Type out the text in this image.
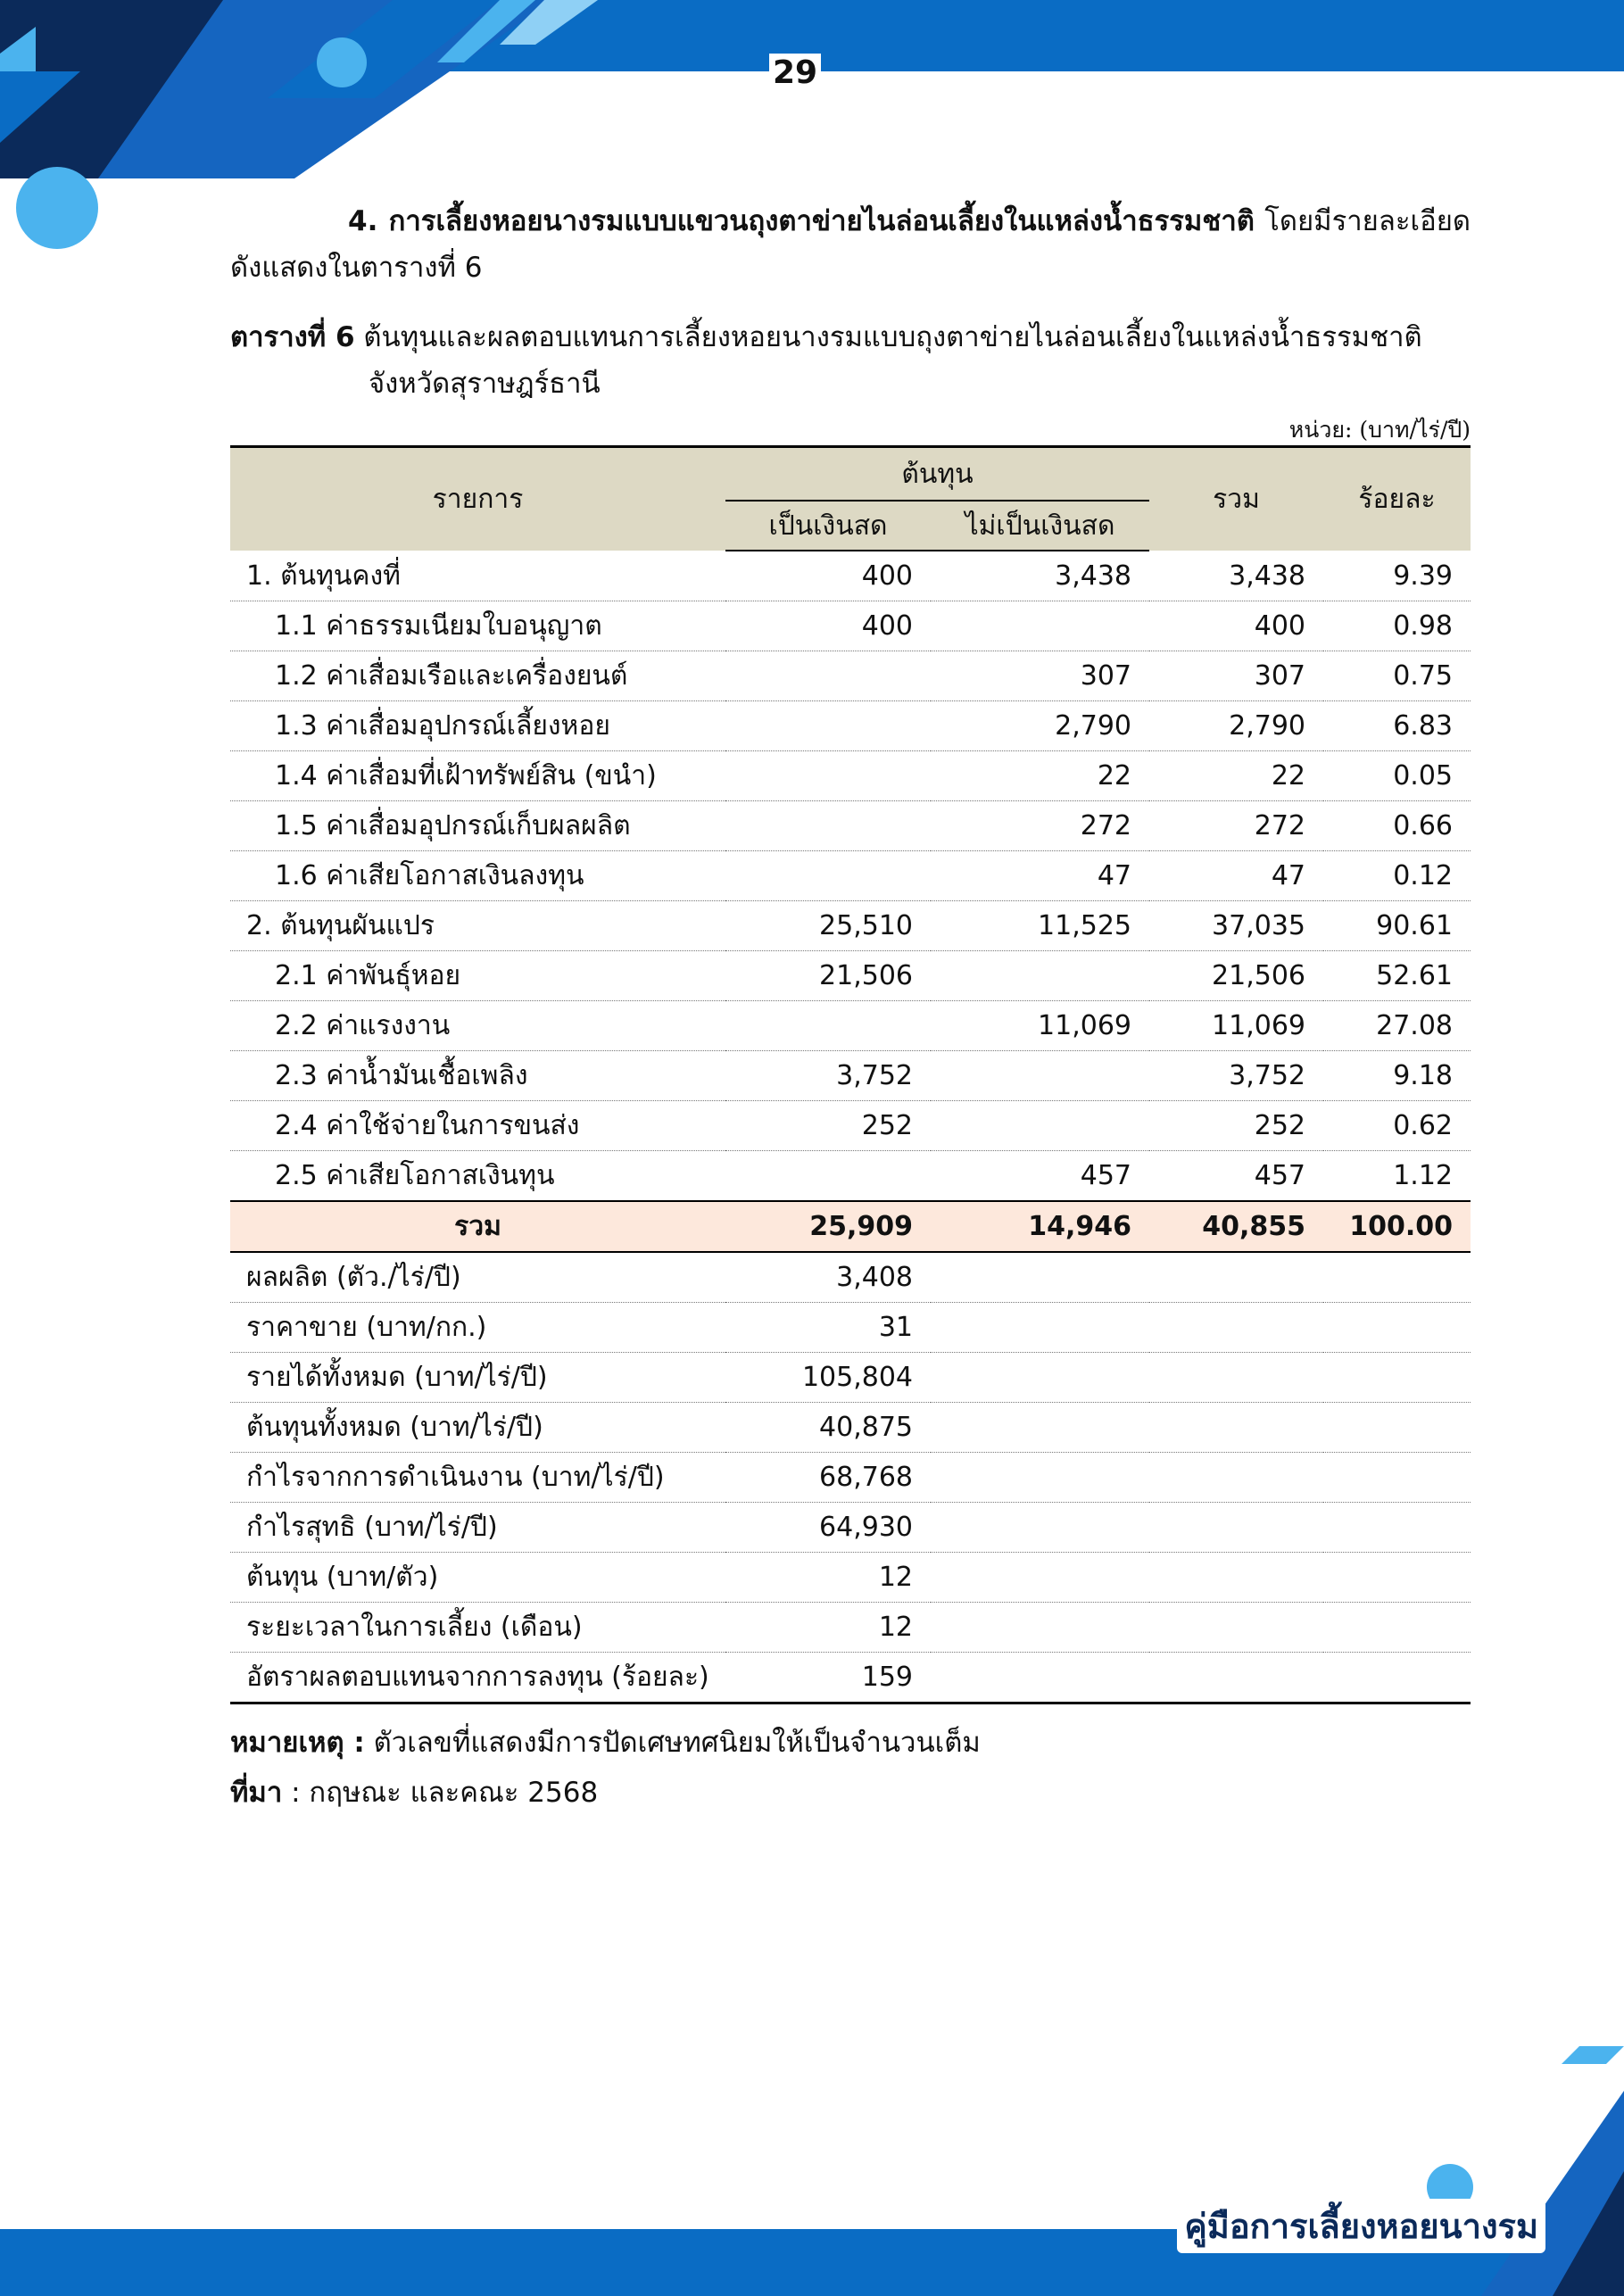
29
4. การเลี้ยงหอยนางรมแบบแขวนถุงตาข่ายไนล่อนเลี้ยงในแหล่งน้ำธรรมชาติ โดยมีรายละเอียดดังแสดงในตารางที่ 6
ตารางที่ 6 ต้นทุนและผลตอบแทนการเลี้ยงหอยนางรมแบบถุงตาข่ายไนล่อนเลี้ยงในแหล่งน้ำธรรมชาติ
จังหวัดสุราษฎร์ธานี
หน่วย: (บาท/ไร่/ปี)
รายการ	ต้นทุน		รวม	ร้อยละ
	เป็นเงินสด	ไม่เป็นเงินสด		
1. ต้นทุนคงที่	400	3,438	3,438	9.39
1.1 ค่าธรรมเนียมใบอนุญาต	400		400	0.98
1.2 ค่าเสื่อมเรือและเครื่องยนต์		307	307	0.75
1.3 ค่าเสื่อมอุปกรณ์เลี้ยงหอย		2,790	2,790	6.83
1.4 ค่าเสื่อมที่เฝ้าทรัพย์สิน (ขนำ)		22	22	0.05
1.5 ค่าเสื่อมอุปกรณ์เก็บผลผลิต		272	272	0.66
1.6 ค่าเสียโอกาสเงินลงทุน		47	47	0.12
2. ต้นทุนผันแปร	25,510	11,525	37,035	90.61
2.1 ค่าพันธุ์หอย	21,506		21,506	52.61
2.2 ค่าแรงงาน		11,069	11,069	27.08
2.3 ค่าน้ำมันเชื้อเพลิง	3,752		3,752	9.18
2.4 ค่าใช้จ่ายในการขนส่ง	252		252	0.62
2.5 ค่าเสียโอกาสเงินทุน		457	457	1.12
รวม	25,909	14,946	40,855	100.00
ผลผลิต (ตัว./ไร่/ปี)	3,408			
ราคาขาย (บาท/กก.)	31			
รายได้ทั้งหมด (บาท/ไร่/ปี)	105,804			
ต้นทุนทั้งหมด (บาท/ไร่/ปี)	40,875			
กำไรจากการดำเนินงาน (บาท/ไร่/ปี)	68,768			
กำไรสุทธิ (บาท/ไร่/ปี)	64,930			
ต้นทุน (บาท/ตัว)	12			
ระยะเวลาในการเลี้ยง (เดือน)	12			
อัตราผลตอบแทนจากการลงทุน (ร้อยละ)	159			
หมายเหตุ : ตัวเลขที่แสดงมีการปัดเศษทศนิยมให้เป็นจำนวนเต็ม
ที่มา : กฤษณะ และคณะ 2568
คู่มือการเลี้ยงหอยนางรม
